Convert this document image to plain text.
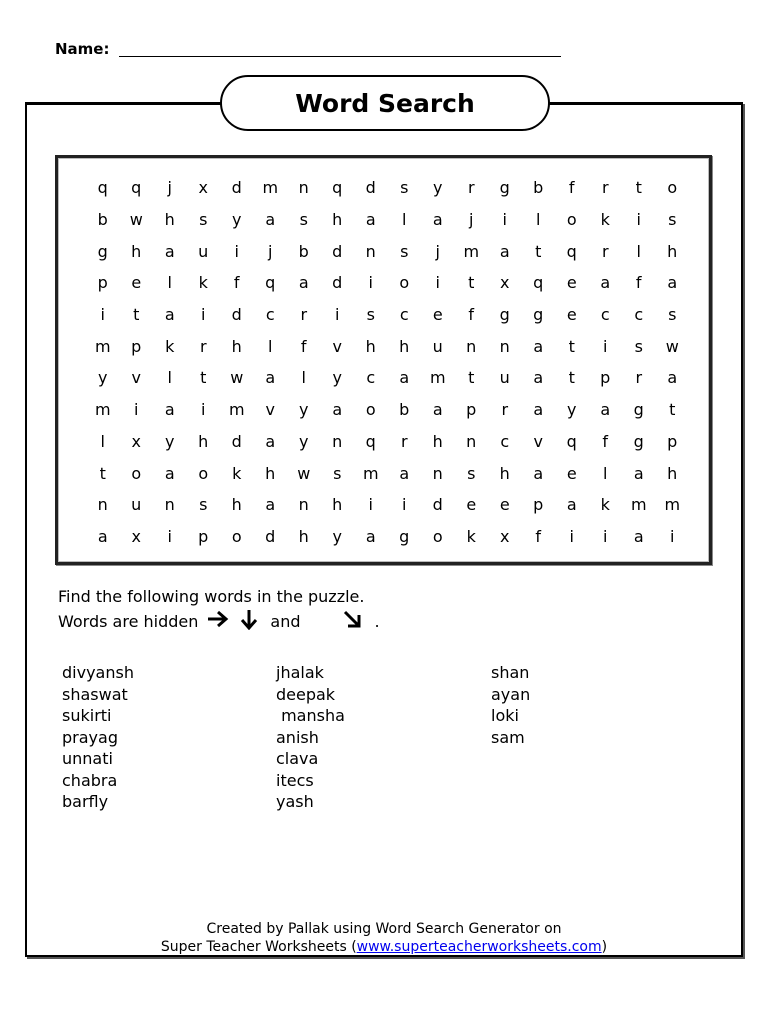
Name:
Word Search
q	q	j	x	d	m	n	q	d	s	y	r	g	b	f	r	t	o
b	w	h	s	y	a	s	h	a	l	a	j	i	l	o	k	i	s
g	h	a	u	i	j	b	d	n	s	j	m	a	t	q	r	l	h
p	e	l	k	f	q	a	d	i	o	i	t	x	q	e	a	f	a
i	t	a	i	d	c	r	i	s	c	e	f	g	g	e	c	c	s
m	p	k	r	h	l	f	v	h	h	u	n	n	a	t	i	s	w
y	v	l	t	w	a	l	y	c	a	m	t	u	a	t	p	r	a
m	i	a	i	m	v	y	a	o	b	a	p	r	a	y	a	g	t
l	x	y	h	d	a	y	n	q	r	h	n	c	v	q	f	g	p
t	o	a	o	k	h	w	s	m	a	n	s	h	a	e	l	a	h
n	u	n	s	h	a	n	h	i	i	d	e	e	p	a	k	m	m
a	x	i	p	o	d	h	y	a	g	o	k	x	f	i	i	a	i
Find the following words in the puzzle.
Words are hidden	and	.
divyansh
shaswat
sukirti
prayag
unnati
chabra
barfly
jhalak
deepak
mansha
anish
clava
itecs
yash
shan
ayan
loki
sam
Created by Pallak using Word Search Generator on
Super Teacher Worksheets (www.superteacherworksheets.com)
